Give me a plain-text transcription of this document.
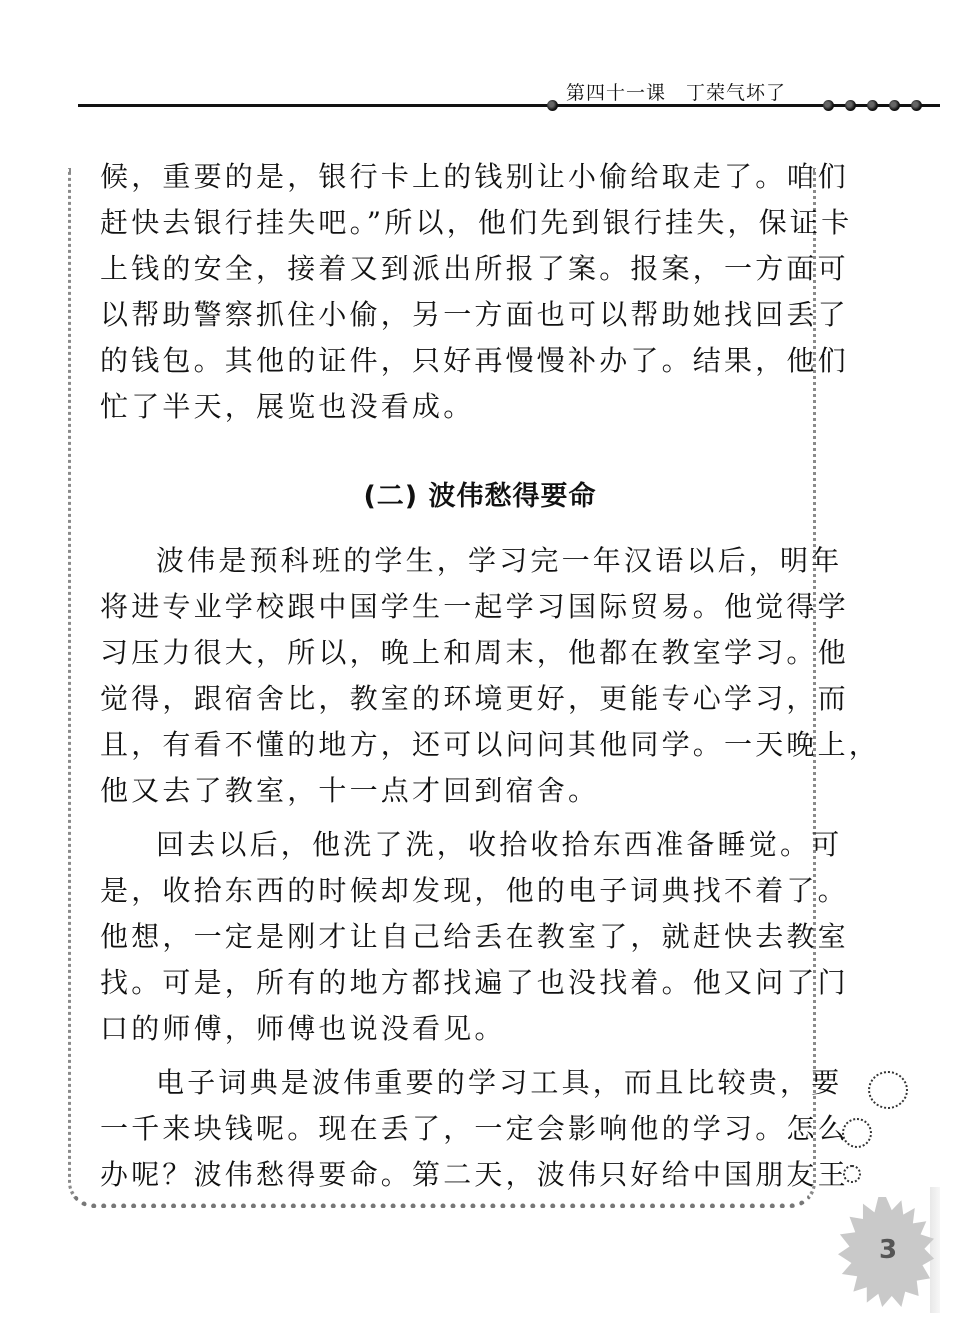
第四十一课　丁荣气坏了
候，重要的是，银行卡上的钱别让小偷给取走了。咱们
赶快去银行挂失吧。”所以，他们先到银行挂失，保证卡
上钱的安全，接着又到派出所报了案。报案，一方面可
以帮助警察抓住小偷，另一方面也可以帮助她找回丢了
的钱包。其他的证件，只好再慢慢补办了。结果，他们
忙了半天，展览也没看成。
(二) 波伟愁得要命
波伟是预科班的学生，学习完一年汉语以后，明年
将进专业学校跟中国学生一起学习国际贸易。他觉得学
习压力很大，所以，晚上和周末，他都在教室学习。他
觉得，跟宿舍比，教室的环境更好，更能专心学习，而
且，有看不懂的地方，还可以问问其他同学。一天晚上，
他又去了教室，十一点才回到宿舍。
回去以后，他洗了洗，收拾收拾东西准备睡觉。可
是，收拾东西的时候却发现，他的电子词典找不着了。
他想，一定是刚才让自己给丢在教室了，就赶快去教室
找。可是，所有的地方都找遍了也没找着。他又问了门
口的师傅，师傅也说没看见。
电子词典是波伟重要的学习工具，而且比较贵，要
一千来块钱呢。现在丢了，一定会影响他的学习。怎么
办呢？波伟愁得要命。第二天，波伟只好给中国朋友王
3
